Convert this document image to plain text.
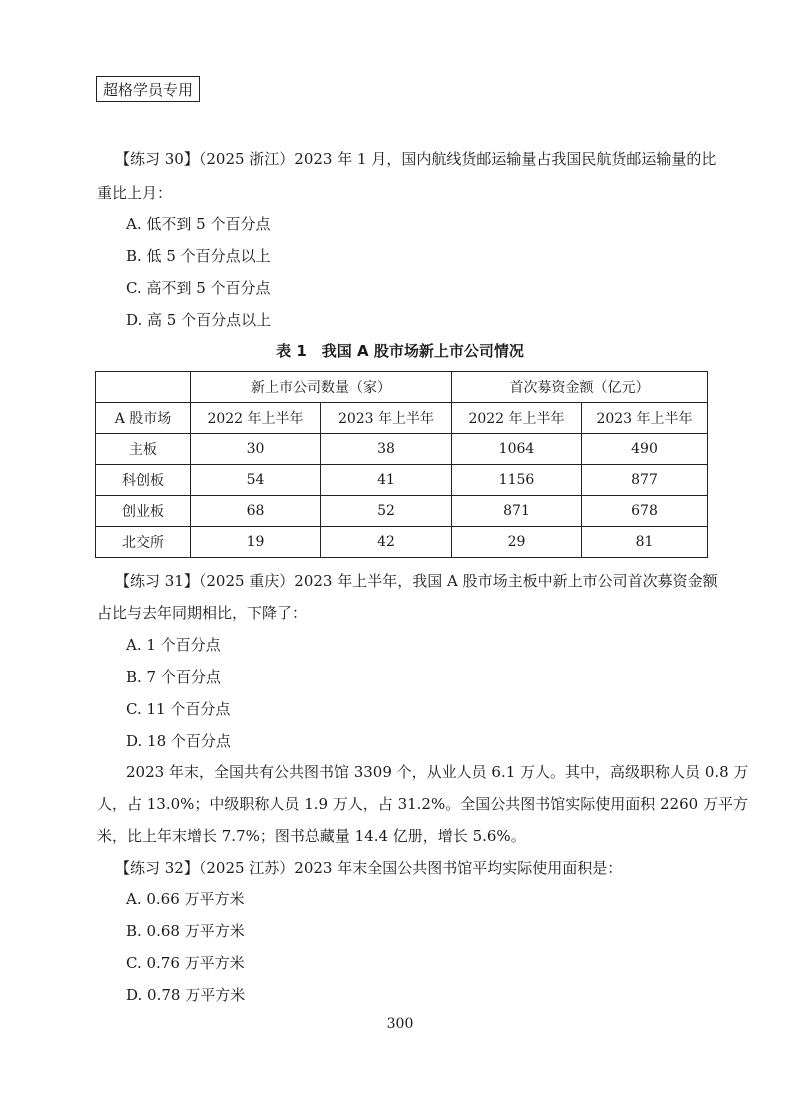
超格学员专用
【练习 30】（2025 浙江）2023 年 1 月，国内航线货邮运输量占我国民航货邮运输量的比
重比上月：
A. 低不到 5 个百分点
B. 低 5 个百分点以上
C. 高不到 5 个百分点
D. 高 5 个百分点以上
表 1　我国 A 股市场新上市公司情况
	新上市公司数量（家）		首次募资金额（亿元）	
A 股市场	2022 年上半年	2023 年上半年	2022 年上半年	2023 年上半年
主板	30	38	1064	490
科创板	54	41	1156	877
创业板	68	52	871	678
北交所	19	42	29	81
【练习 31】（2025 重庆）2023 年上半年，我国 A 股市场主板中新上市公司首次募资金额
占比与去年同期相比，下降了：
A. 1 个百分点
B. 7 个百分点
C. 11 个百分点
D. 18 个百分点
2023 年末，全国共有公共图书馆 3309 个，从业人员 6.1 万人。其中，高级职称人员 0.8 万
人，占 13.0%；中级职称人员 1.9 万人，占 31.2%。全国公共图书馆实际使用面积 2260 万平方
米，比上年末增长 7.7%；图书总藏量 14.4 亿册，增长 5.6%。
【练习 32】（2025 江苏）2023 年末全国公共图书馆平均实际使用面积是：
A. 0.66 万平方米
B. 0.68 万平方米
C. 0.76 万平方米
D. 0.78 万平方米
300
